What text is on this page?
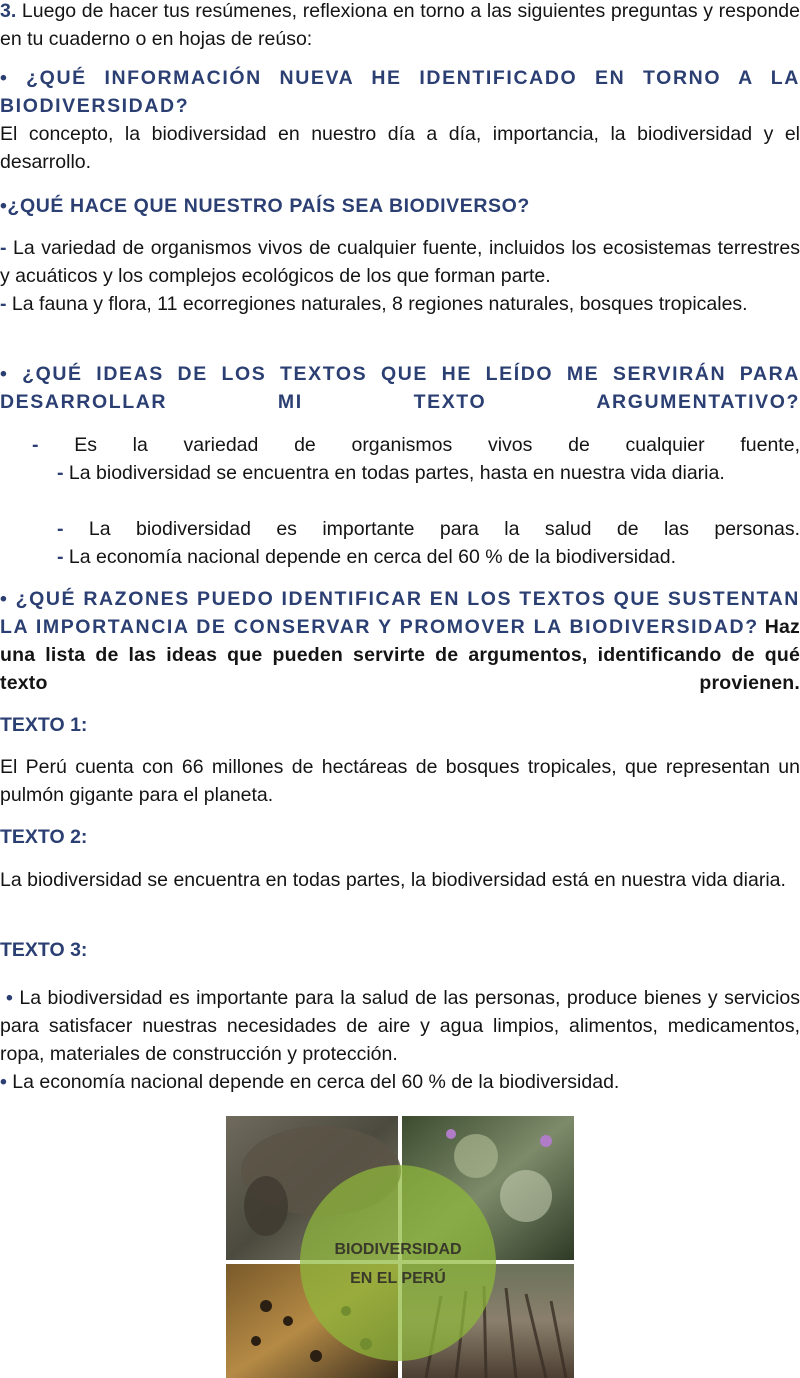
3. Luego de hacer tus resúmenes, reflexiona en torno a las siguientes preguntas y responde en tu cuaderno o en hojas de reúso:

• ¿QUÉ INFORMACIÓN NUEVA HE IDENTIFICADO EN TORNO A LA BIODIVERSIDAD?

El concepto, la biodiversidad en nuestro día a día, importancia, la biodiversidad y el desarrollo.

•¿QUÉ HACE QUE NUESTRO PAÍS SEA BIODIVERSO?

- La variedad de organismos vivos de cualquier fuente, incluidos los ecosistemas terrestres y acuáticos y los complejos ecológicos de los que forman parte.

- La fauna y flora, 11 ecorregiones naturales, 8 regiones naturales, bosques tropicales.

• ¿QUÉ IDEAS DE LOS TEXTOS QUE HE LEÍDO ME SERVIRÁN PARA DESARROLLAR MI TEXTO ARGUMENTATIVO?

- Es la variedad de organismos vivos de cualquier fuente,

- La biodiversidad se encuentra en todas partes, hasta en nuestra vida diaria.

- La biodiversidad es importante para la salud de las personas.

- La economía nacional depende en cerca del 60 % de la biodiversidad.

• ¿QUÉ RAZONES PUEDO IDENTIFICAR EN LOS TEXTOS QUE SUSTENTAN LA IMPORTANCIA DE CONSERVAR Y PROMOVER LA BIODIVERSIDAD? Haz una lista de las ideas que pueden servirte de argumentos, identificando de qué texto provienen.

TEXTO 1:

El Perú cuenta con 66 millones de hectáreas de bosques tropicales, que representan un pulmón gigante para el planeta.

TEXTO 2:

La biodiversidad se encuentra en todas partes, la biodiversidad está en nuestra vida diaria.

TEXTO 3:

• La biodiversidad es importante para la salud de las personas, produce bienes y servicios para satisfacer nuestras necesidades de aire y agua limpios, alimentos, medicamentos, ropa, materiales de construcción y protección.

• La economía nacional depende en cerca del 60 % de la biodiversidad.

BIODIVERSIDAD
EN EL PERÚ
